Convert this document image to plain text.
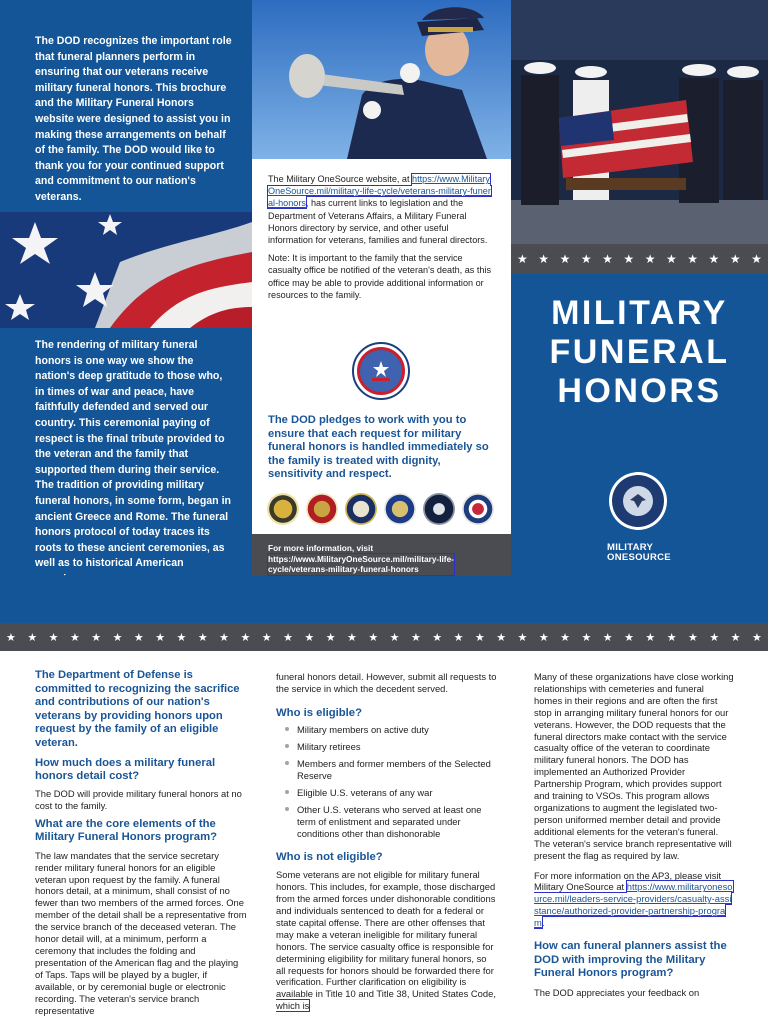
The DOD recognizes the important role that funeral planners perform in ensuring that our veterans receive military funeral honors. This brochure and the Military Funeral Honors website were designed to assist you in making these arrangements on behalf of the family. The DOD would like to thank you for your continued support and commitment to our nation's veterans.

The rendering of military funeral honors is one way we show the nation's deep gratitude to those who, in times of war and peace, have faithfully defended and served our country. This ceremonial paying of respect is the final tribute provided to the veteran and the family that supported them during their service. The tradition of providing military funeral honors, in some form, began in ancient Greece and Rome. The funeral honors protocol of today traces its roots to these ancient ceremonies, as well as to historical American

The Military OneSource website, at https://www.MilitaryOneSource.mil/military-life-cycle/veterans-military-funeral-honors, has current links to legislation and the Department of Veterans Affairs, a Military Funeral Honors directory by service, and other useful information for veterans, families and funeral directors.

Note: It is important to the family that the service casualty office be notified of the veteran's death, as this office may be able to provide additional information or resources to the family.

The DOD pledges to work with you to ensure that each request for military funeral honors is handled immediately so the family is treated with dignity, sensitivity and respect.

For more information, visit

https://www.MilitaryOneSource.mil/military-life-cycle/veterans-military-funeral-honors
★ ★ ★ ★ ★ ★ ★ ★ ★ ★ ★ ★
MILITARY
FUNERAL
HONORS
MILITARY
ONESOURCE
★ ★ ★ ★ ★ ★ ★ ★ ★ ★ ★ ★ ★ ★ ★ ★ ★ ★ ★ ★ ★ ★ ★ ★ ★ ★ ★ ★ ★ ★ ★ ★ ★ ★ ★ ★

The Department of Defense is committed to recognizing the sacrifice and contributions of our nation's veterans by providing honors upon request by the family of an eligible veteran.

How much does a military funeral honors detail cost?

The DOD will provide military funeral honors at no cost to the family.

What are the core elements of the Military Funeral Honors program?

The law mandates that the service secretary render military funeral honors for an eligible veteran upon request by the family. A funeral honors detail, at a minimum, shall consist of no fewer than two members of the armed forces. One member of the detail shall be a representative from the service branch of the deceased veteran. The honor detail will, at a minimum, perform a ceremony that includes the folding and presentation of the American flag and the playing of Taps. Taps will be played by a bugler, if available, or by ceremonial bugle or electronic recording. The veteran's service branch representative

funeral honors detail. However, submit all requests to the service in which the decedent served.

Who is eligible?

Military members on active duty
Military retirees
Members and former members of the Selected Reserve
Eligible U.S. veterans of any war
Other U.S. veterans who served at least one term of enlistment and separated under conditions other than dishonorable

Who is not eligible?

Some veterans are not eligible for military funeral honors. This includes, for example, those discharged from the armed forces under dishonorable conditions and individuals sentenced to death for a federal or state capital offense. There are other offenses that may make a veteran ineligible for military funeral honors. The service casualty office is responsible for determining eligibility for military funeral honors, so all requests for honors should be forwarded there for verification. Further clarification on eligibility is available in Title 10 and Title 38, United States Code, which is

Many of these organizations have close working relationships with cemeteries and funeral homes in their regions and are often the first stop in arranging military funeral honors for our veterans. However, the DOD requests that the funeral directors make contact with the service casualty office of the veteran to coordinate military funeral honors. The DOD has implemented an Authorized Provider Partnership Program, which provides support and training to VSOs. This program allows organizations to augment the legislated two-person uniformed member detail and provide additional elements for the veteran's funeral. The veteran's service branch representative will present the flag as required by law.

For more information on the AP3, please visit Military OneSource at https://www.militaryonesource.mil/leaders-service-providers/casualty-assistance/authorized-provider-partnership-program.

How can funeral planners assist the DOD with improving the Military Funeral Honors program?

The DOD appreciates your feedback on
